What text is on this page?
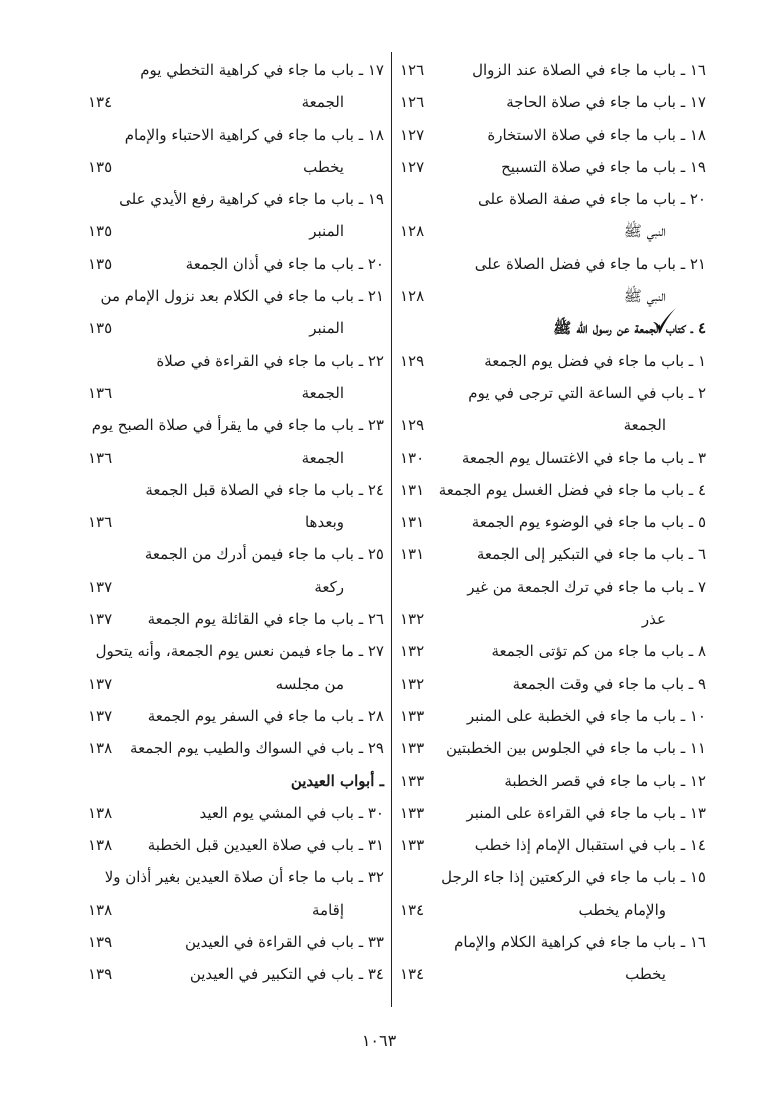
١٦ ـ باب ما جاء في الصلاة عند الزوال
١٢٦
١٧ ـ باب ما جاء في صلاة الحاجة
١٢٦
١٨ ـ باب ما جاء في صلاة الاستخارة
١٢٧
١٩ ـ باب ما جاء في صلاة التسبيح
١٢٧
٢٠ ـ باب ما جاء في صفة الصلاة على
النبي ﷺ
١٢٨
٢١ ـ باب ما جاء في فضل الصلاة على
النبي ﷺ
١٢٨
٤ ـ كتاب الجمعة عن رسول الله ﷺ
١ ـ باب ما جاء في فضل يوم الجمعة
١٢٩
٢ ـ باب في الساعة التي ترجى في يوم
الجمعة
١٢٩
٣ ـ باب ما جاء في الاغتسال يوم الجمعة
١٣٠
٤ ـ باب ما جاء في فضل الغسل يوم الجمعة
١٣١
٥ ـ باب ما جاء في الوضوء يوم الجمعة
١٣١
٦ ـ باب ما جاء في التبكير إلى الجمعة
١٣١
٧ ـ باب ما جاء في ترك الجمعة من غير
عذر
١٣٢
٨ ـ باب ما جاء من كم تؤتى الجمعة
١٣٢
٩ ـ باب ما جاء في وقت الجمعة
١٣٢
١٠ ـ باب ما جاء في الخطبة على المنبر
١٣٣
١١ ـ باب ما جاء في الجلوس بين الخطبتين
١٣٣
١٢ ـ باب ما جاء في قصر الخطبة
١٣٣
١٣ ـ باب ما جاء في القراءة على المنبر
١٣٣
١٤ ـ باب في استقبال الإمام إذا خطب
١٣٣
١٥ ـ باب ما جاء في الركعتين إذا جاء الرجل
والإمام يخطب
١٣٤
١٦ ـ باب ما جاء في كراهية الكلام والإمام
يخطب
١٣٤
١٧ ـ باب ما جاء في كراهية التخطي يوم
الجمعة
١٣٤
١٨ ـ باب ما جاء في كراهية الاحتباء والإمام
يخطب
١٣٥
١٩ ـ باب ما جاء في كراهية رفع الأيدي على
المنبر
١٣٥
٢٠ ـ باب ما جاء في أذان الجمعة
١٣٥
٢١ ـ باب ما جاء في الكلام بعد نزول الإمام من
المنبر
١٣٥
٢٢ ـ باب ما جاء في القراءة في صلاة
الجمعة
١٣٦
٢٣ ـ باب ما جاء في ما يقرأ في صلاة الصبح يوم
الجمعة
١٣٦
٢٤ ـ باب ما جاء في الصلاة قبل الجمعة
وبعدها
١٣٦
٢٥ ـ باب ما جاء فيمن أدرك من الجمعة
ركعة
١٣٧
٢٦ ـ باب ما جاء في القائلة يوم الجمعة
١٣٧
٢٧ ـ ما جاء فيمن نعس يوم الجمعة، وأنه يتحول
من مجلسه
١٣٧
٢٨ ـ باب ما جاء في السفر يوم الجمعة
١٣٧
٢٩ ـ باب في السواك والطيب يوم الجمعة
١٣٨
ـ أبواب العيدين
٣٠ ـ باب في المشي يوم العيد
١٣٨
٣١ ـ باب في صلاة العيدين قبل الخطبة
١٣٨
٣٢ ـ باب ما جاء أن صلاة العيدين بغير أذان ولا
إقامة
١٣٨
٣٣ ـ باب في القراءة في العيدين
١٣٩
٣٤ ـ باب في التكبير في العيدين
١٣٩
١٠٦٣
